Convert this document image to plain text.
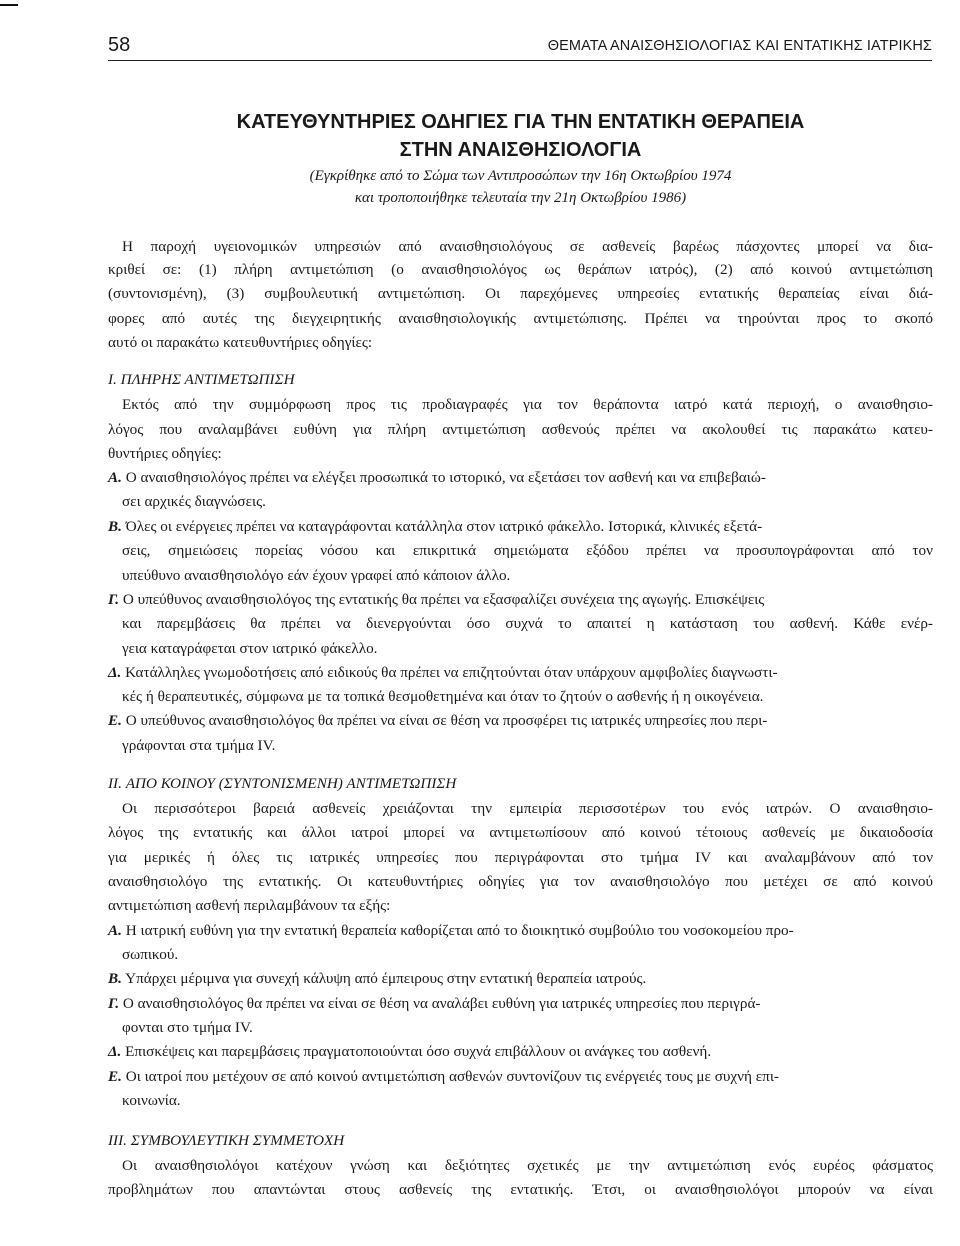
58	ΘΕΜΑΤΑ ΑΝΑΙΣΘΗΣΙΟΛΟΓΙΑΣ ΚΑΙ ΕΝΤΑΤΙΚΗΣ ΙΑΤΡΙΚΗΣ
ΚΑΤΕΥΘΥΝΤΗΡΙΕΣ ΟΔΗΓΙΕΣ ΓΙΑ ΤΗΝ ΕΝΤΑΤΙΚΗ ΘΕΡΑΠΕΙΑ
ΣΤΗΝ ΑΝΑΙΣΘΗΣΙΟΛΟΓΙΑ
(Εγκρίθηκε από το Σώμα των Αντιπροσώπων την 16η Οκτωβρίου 1974
και τροποποιήθηκε τελευταία την 21η Οκτωβρίου 1986)
Η παροχή υγειονομικών υπηρεσιών από αναισθησιολόγους σε ασθενείς βαρέως πάσχοντες μπορεί να δια-
κριθεί σε: (1) πλήρη αντιμετώπιση (ο αναισθησιολόγος ως θεράπων ιατρός), (2) από κοινού αντιμετώπιση
(συντονισμένη), (3) συμβουλευτική αντιμετώπιση. Οι παρεχόμενες υπηρεσίες εντατικής θεραπείας είναι διά-
φορες από αυτές της διεγχειρητικής αναισθησιολογικής αντιμετώπισης. Πρέπει να τηρούνται προς το σκοπό
αυτό οι παρακάτω κατευθυντήριες οδηγίες:
Ι. ΠΛΗΡΗΣ ΑΝΤΙΜΕΤΩΠΙΣΗ
Εκτός από την συμμόρφωση προς τις προδιαγραφές για τον θεράποντα ιατρό κατά περιοχή, ο αναισθησιο-
λόγος που αναλαμβάνει ευθύνη για πλήρη αντιμετώπιση ασθενούς πρέπει να ακολουθεί τις παρακάτω κατευ-
θυντήριες οδηγίες:
Α. Ο αναισθησιολόγος πρέπει να ελέγξει προσωπικά το ιστορικό, να εξετάσει τον ασθενή και να επιβεβαιώ-
σει αρχικές διαγνώσεις.
Β. Όλες οι ενέργειες πρέπει να καταγράφονται κατάλληλα στον ιατρικό φάκελλο. Ιστορικά, κλινικές εξετά-
σεις, σημειώσεις πορείας νόσου και επικριτικά σημειώματα εξόδου πρέπει να προσυπογράφονται από τον
υπεύθυνο αναισθησιολόγο εάν έχουν γραφεί από κάποιον άλλο.
Γ. Ο υπεύθυνος αναισθησιολόγος της εντατικής θα πρέπει να εξασφαλίζει συνέχεια της αγωγής. Επισκέψεις
και παρεμβάσεις θα πρέπει να διενεργούνται όσο συχνά το απαιτεί η κατάσταση του ασθενή. Κάθε ενέρ-
γεια καταγράφεται στον ιατρικό φάκελλο.
Δ. Κατάλληλες γνωμοδοτήσεις από ειδικούς θα πρέπει να επιζητούνται όταν υπάρχουν αμφιβολίες διαγνωστι-
κές ή θεραπευτικές, σύμφωνα με τα τοπικά θεσμοθετημένα και όταν το ζητούν ο ασθενής ή η οικογένεια.
Ε. Ο υπεύθυνος αναισθησιολόγος θα πρέπει να είναι σε θέση να προσφέρει τις ιατρικές υπηρεσίες που περι-
γράφονται στα τμήμα IV.
II. ΑΠΟ ΚΟΙΝΟΥ (ΣΥΝΤΟΝΙΣΜΕΝΗ) ΑΝΤΙΜΕΤΩΠΙΣΗ
Οι περισσότεροι βαρειά ασθενείς χρειάζονται την εμπειρία περισσοτέρων του ενός ιατρών. Ο αναισθησιο-
λόγος της εντατικής και άλλοι ιατροί μπορεί να αντιμετωπίσουν από κοινού τέτοιους ασθενείς με δικαιοδοσία
για μερικές ή όλες τις ιατρικές υπηρεσίες που περιγράφονται στο τμήμα IV και αναλαμβάνουν από τον
αναισθησιολόγο της εντατικής. Οι κατευθυντήριες οδηγίες για τον αναισθησιολόγο που μετέχει σε από κοινού
αντιμετώπιση ασθενή περιλαμβάνουν τα εξής:
Α. Η ιατρική ευθύνη για την εντατική θεραπεία καθορίζεται από το διοικητικό συμβούλιο του νοσοκομείου προ-
σωπικού.
Β. Υπάρχει μέριμνα για συνεχή κάλυψη από έμπειρους στην εντατική θεραπεία ιατρούς.
Γ. Ο αναισθησιολόγος θα πρέπει να είναι σε θέση να αναλάβει ευθύνη για ιατρικές υπηρεσίες που περιγρά-
φονται στο τμήμα IV.
Δ. Επισκέψεις και παρεμβάσεις πραγματοποιούνται όσο συχνά επιβάλλουν οι ανάγκες του ασθενή.
Ε. Οι ιατροί που μετέχουν σε από κοινού αντιμετώπιση ασθενών συντονίζουν τις ενέργειές τους με συχνή επι-
κοινωνία.
III. ΣΥΜΒΟΥΛΕΥΤΙΚΗ ΣΥΜΜΕΤΟΧΗ
Οι αναισθησιολόγοι κατέχουν γνώση και δεξιότητες σχετικές με την αντιμετώπιση ενός ευρέος φάσματος
προβλημάτων που απαντώνται στους ασθενείς της εντατικής. Έτσι, οι αναισθησιολόγοι μπορούν να είναι
